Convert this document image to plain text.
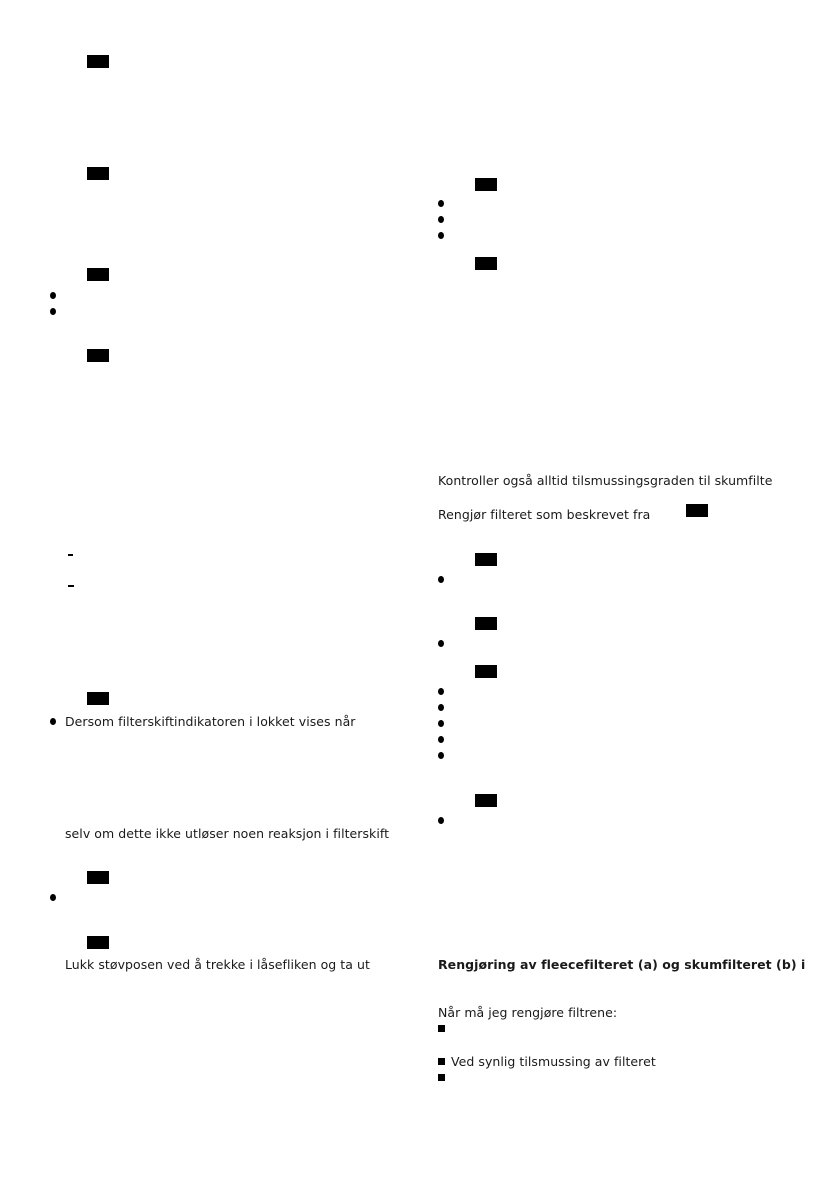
Dersom filterskiftindikatoren i lokket vises når
selv om dette ikke utløser noen reaksjon i filterskift
Lukk støvposen ved å trekke i låsefliken og ta ut
Kontroller også alltid tilsmussingsgraden til skumfilte
Rengjør filteret som beskrevet fra
Rengjøring av fleecefilteret (a) og skumfilteret (b) i
Når må jeg rengjøre filtrene:
Ved synlig tilsmussing av filteret
